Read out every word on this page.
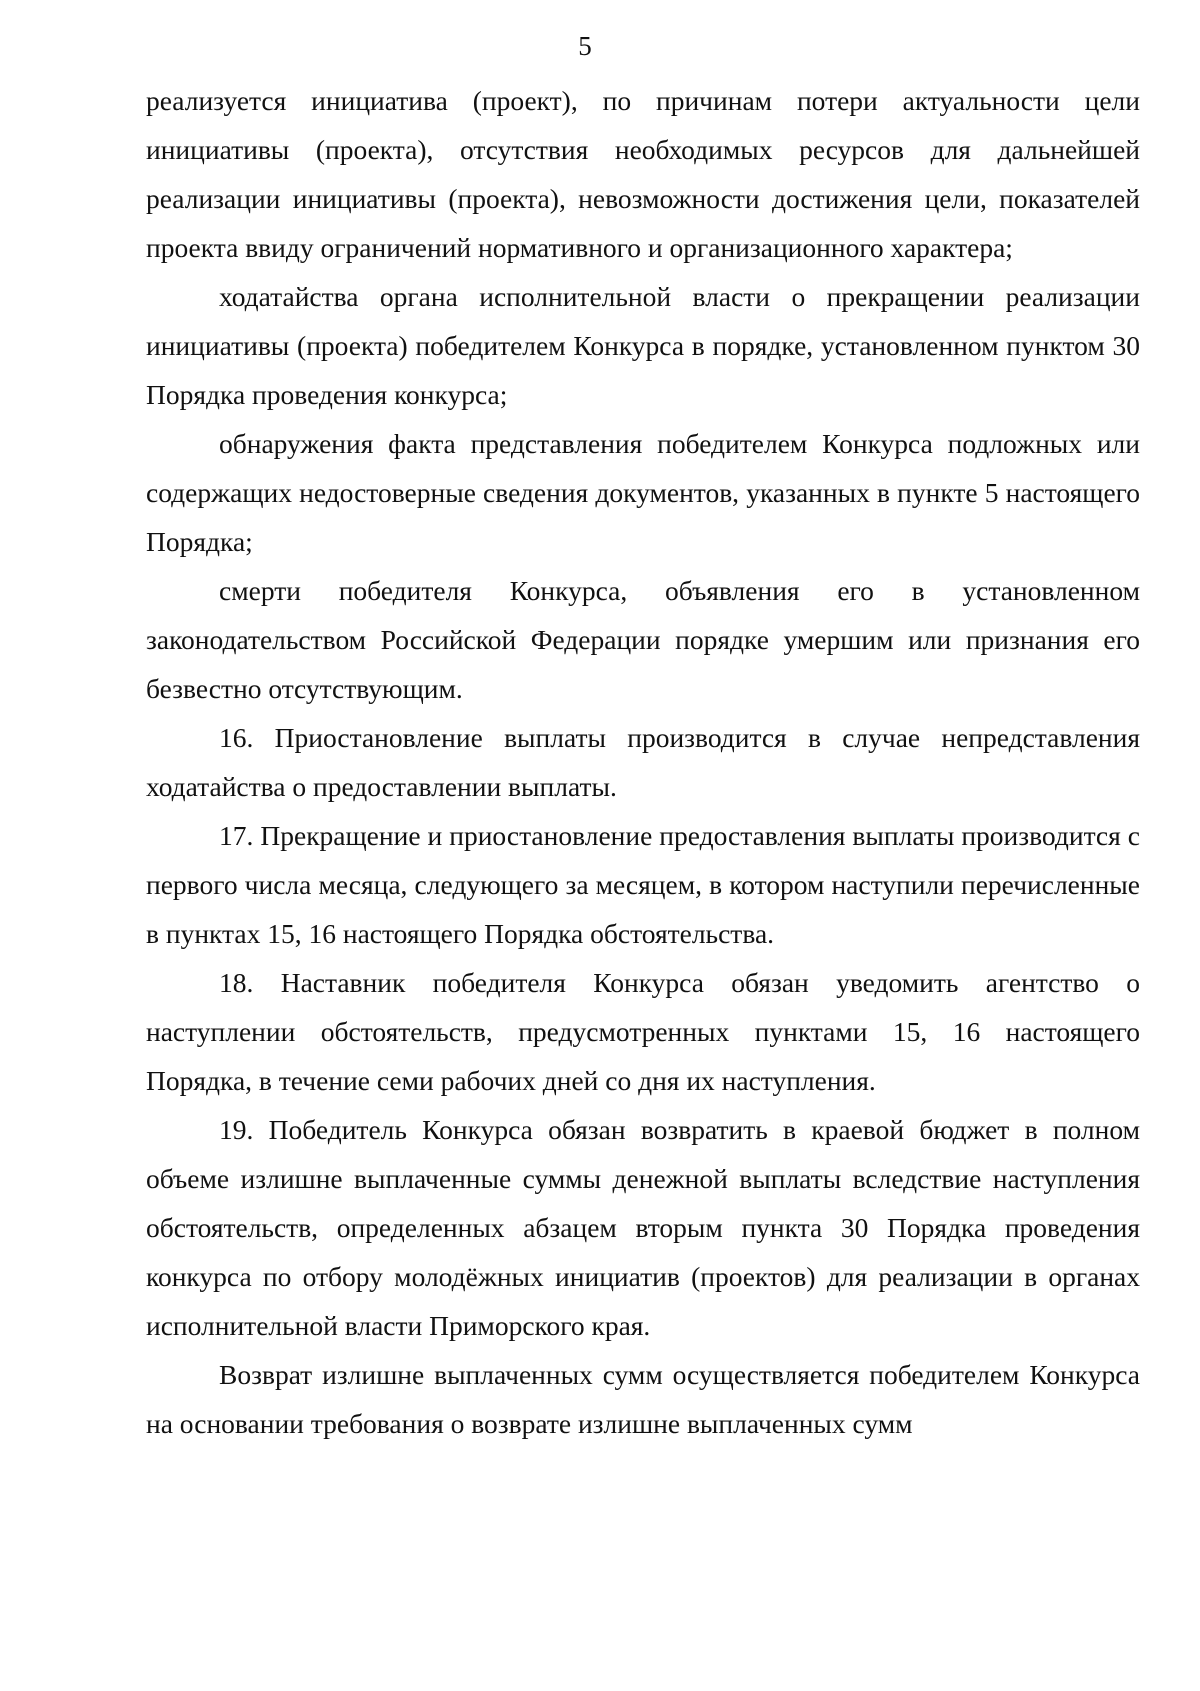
5

реализуется инициатива (проект), по причинам потери актуальности цели инициативы (проекта), отсутствия необходимых ресурсов для дальнейшей реализации инициативы (проекта), невозможности достижения цели, показателей проекта ввиду ограничений нормативного и организационного характера;

ходатайства органа исполнительной власти о прекращении реализации инициативы (проекта) победителем Конкурса в порядке, установленном пунктом 30 Порядка проведения конкурса;

обнаружения факта представления победителем Конкурса подложных или содержащих недостоверные сведения документов, указанных в пункте 5 настоящего Порядка;

смерти победителя Конкурса, объявления его в установленном законодательством Российской Федерации порядке умершим или признания его безвестно отсутствующим.

16. Приостановление выплаты производится в случае непредставления ходатайства о предоставлении выплаты.

17. Прекращение и приостановление предоставления выплаты производится с первого числа месяца, следующего за месяцем, в котором наступили перечисленные в пунктах 15, 16 настоящего Порядка обстоятельства.

18. Наставник победителя Конкурса обязан уведомить агентство о наступлении обстоятельств, предусмотренных пунктами 15, 16 настоящего Порядка, в течение семи рабочих дней со дня их наступления.

19. Победитель Конкурса обязан возвратить в краевой бюджет в полном объеме излишне выплаченные суммы денежной выплаты вследствие наступления обстоятельств, определенных абзацем вторым пункта 30 Порядка проведения конкурса по отбору молодёжных инициатив (проектов) для реализации в органах исполнительной власти Приморского края.

Возврат излишне выплаченных сумм осуществляется победителем Конкурса на основании требования о возврате излишне выплаченных сумм
